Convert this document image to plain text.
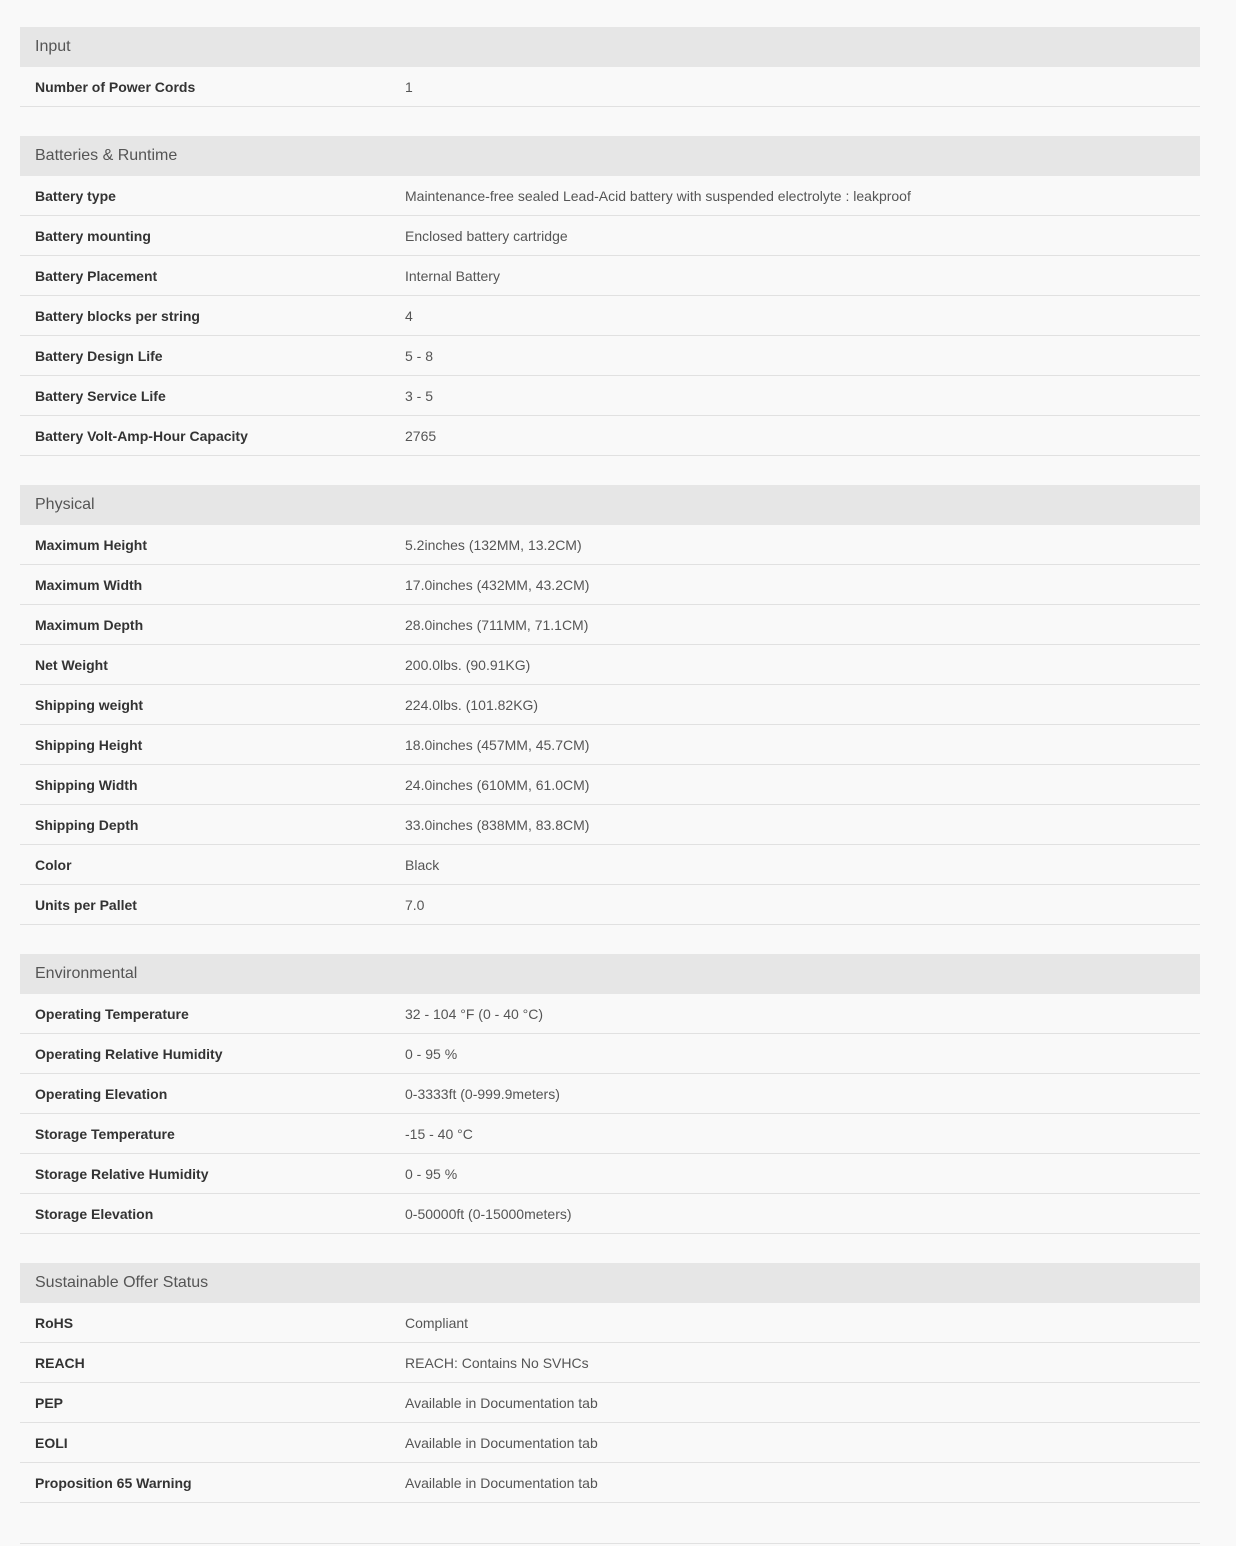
Input
Number of Power Cords	1
Batteries & Runtime
Battery type	Maintenance-free sealed Lead-Acid battery with suspended electrolyte : leakproof
Battery mounting	Enclosed battery cartridge
Battery Placement	Internal Battery
Battery blocks per string	4
Battery Design Life	5 - 8
Battery Service Life	3 - 5
Battery Volt-Amp-Hour Capacity	2765
Physical
Maximum Height	5.2inches (132MM, 13.2CM)
Maximum Width	17.0inches (432MM, 43.2CM)
Maximum Depth	28.0inches (711MM, 71.1CM)
Net Weight	200.0lbs. (90.91KG)
Shipping weight	224.0lbs. (101.82KG)
Shipping Height	18.0inches (457MM, 45.7CM)
Shipping Width	24.0inches (610MM, 61.0CM)
Shipping Depth	33.0inches (838MM, 83.8CM)
Color	Black
Units per Pallet	7.0
Environmental
Operating Temperature	32 - 104 °F (0 - 40 °C)
Operating Relative Humidity	0 - 95 %
Operating Elevation	0-3333ft (0-999.9meters)
Storage Temperature	-15 - 40 °C
Storage Relative Humidity	0 - 95 %
Storage Elevation	0-50000ft (0-15000meters)
Sustainable Offer Status
RoHS	Compliant
REACH	REACH: Contains No SVHCs
PEP	Available in Documentation tab
EOLI	Available in Documentation tab
Proposition 65 Warning	Available in Documentation tab
